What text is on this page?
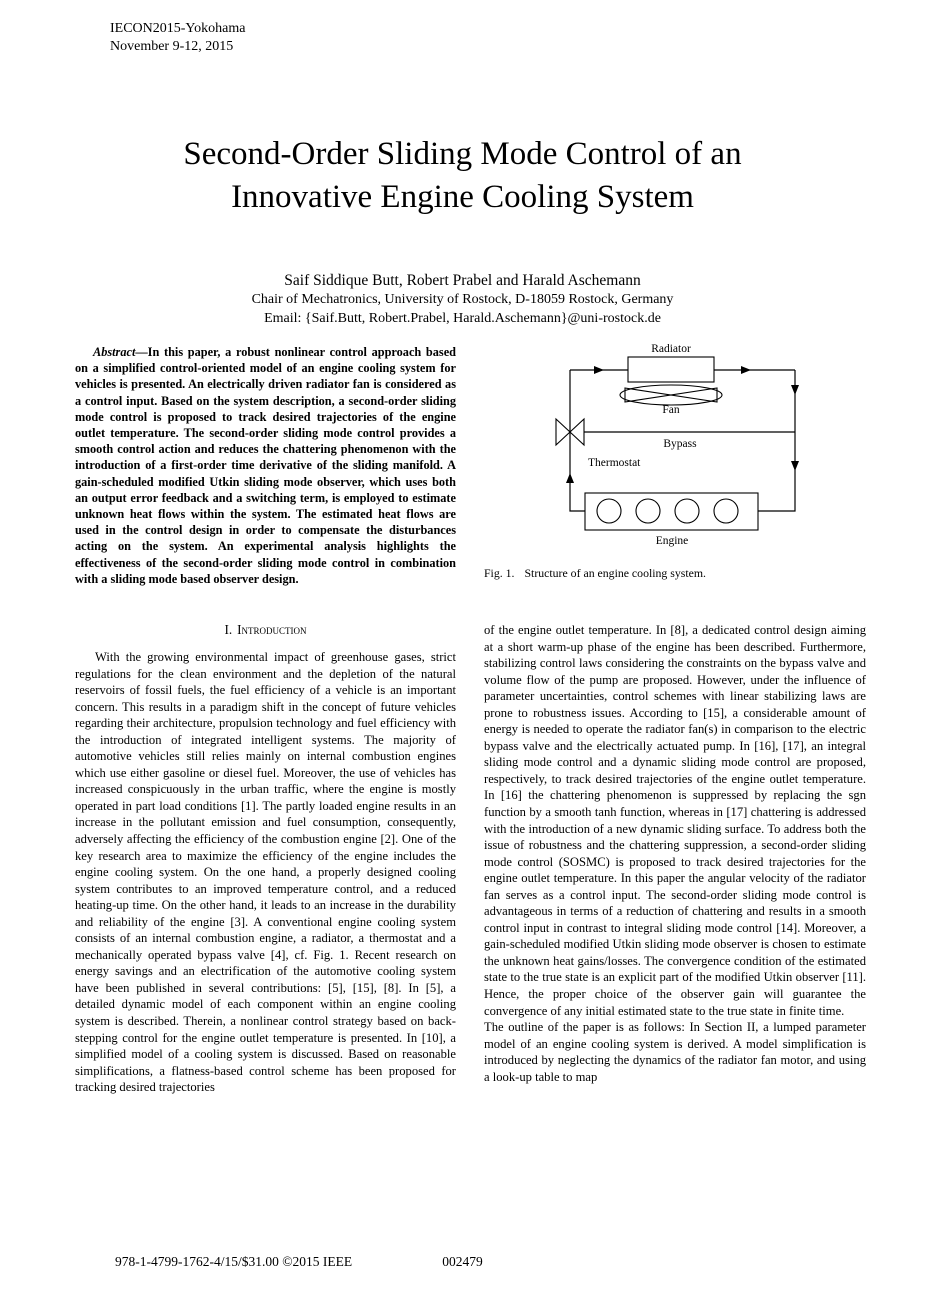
IECON2015-Yokohama
November 9-12, 2015
Second-Order Sliding Mode Control of an
Innovative Engine Cooling System
Saif Siddique Butt, Robert Prabel and Harald Aschemann
Chair of Mechatronics, University of Rostock, D-18059 Rostock, Germany
Email: {Saif.Butt, Robert.Prabel, Harald.Aschemann}@uni-rostock.de

Abstract—In this paper, a robust nonlinear control approach based on a simplified control-oriented model of an engine cooling system for vehicles is presented. An electrically driven radiator fan is considered as a control input. Based on the system description, a second-order sliding mode control is proposed to track desired trajectories of the engine outlet temperature. The second-order sliding mode control provides a smooth control action and reduces the chattering phenomenon with the introduction of a first-order time derivative of the sliding manifold. A gain-scheduled modified Utkin sliding mode observer, which uses both an output error feedback and a switching term, is employed to estimate unknown heat flows within the system. The estimated heat flows are used in the control design in order to compensate the disturbances acting on the system. An experimental analysis highlights the effectiveness of the second-order sliding mode control in combination with a sliding mode based observer design.

Radiator
Fan
Thermostat
Bypass
Engine
Fig. 1. Structure of an engine cooling system.
I. Introduction

With the growing environmental impact of greenhouse gases, strict regulations for the clean environment and the depletion of the natural reservoirs of fossil fuels, the fuel efficiency of a vehicle is an important concern. This results in a paradigm shift in the concept of future vehicles regarding their architecture, propulsion technology and fuel efficiency with the introduction of integrated intelligent systems. The majority of automotive vehicles still relies mainly on internal combustion engines which use either gasoline or diesel fuel. Moreover, the use of vehicles has increased conspicuously in the urban traffic, where the engine is mostly operated in part load conditions [1]. The partly loaded engine results in an increase in the pollutant emission and fuel consumption, consequently, adversely affecting the efficiency of the combustion engine [2]. One of the key research area to maximize the efficiency of the engine includes the engine cooling system. On the one hand, a properly designed cooling system contributes to an improved temperature control, and a reduced heating-up time. On the other hand, it leads to an increase in the durability and reliability of the engine [3]. A conventional engine cooling system consists of an internal combustion engine, a radiator, a thermostat and a mechanically operated bypass valve [4], cf. Fig. 1. Recent research on energy savings and an electrification of the automotive cooling system have been published in several contributions: [5], [15], [8]. In [5], a detailed dynamic model of each component within an engine cooling system is described. Therein, a nonlinear control strategy based on back-stepping control for the engine outlet temperature is presented. In [10], a simplified model of a cooling system is discussed. Based on reasonable simplifications, a flatness-based control scheme has been proposed for tracking desired trajectories

of the engine outlet temperature. In [8], a dedicated control design aiming at a short warm-up phase of the engine has been described. Furthermore, stabilizing control laws considering the constraints on the bypass valve and volume flow of the pump are proposed. However, under the influence of parameter uncertainties, control schemes with linear stabilizing laws are prone to robustness issues. According to [15], a considerable amount of energy is needed to operate the radiator fan(s) in comparison to the electric bypass valve and the electrically actuated pump. In [16], [17], an integral sliding mode control and a dynamic sliding mode control are proposed, respectively, to track desired trajectories of the engine outlet temperature. In [16] the chattering phenomenon is suppressed by replacing the sgn function by a smooth tanh function, whereas in [17] chattering is addressed with the introduction of a new dynamic sliding surface. To address both the issue of robustness and the chattering suppression, a second-order sliding mode control (SOSMC) is proposed to track desired trajectories for the engine outlet temperature. In this paper the angular velocity of the radiator fan serves as a control input. The second-order sliding mode control is advantageous in terms of a reduction of chattering and results in a smooth control input in contrast to integral sliding mode control [14]. Moreover, a gain-scheduled modified Utkin sliding mode observer is chosen to estimate the unknown heat gains/losses. The convergence condition of the estimated state to the true state is an explicit part of the modified Utkin observer [11]. Hence, the proper choice of the observer gain will guarantee the convergence of any initial estimated state to the true state in finite time.

The outline of the paper is as follows: In Section II, a lumped parameter model of an engine cooling system is derived. A model simplification is introduced by neglecting the dynamics of the radiator fan motor, and using a look-up table to map

978-1-4799-1762-4/15/$31.00 ©2015 IEEE	002479
